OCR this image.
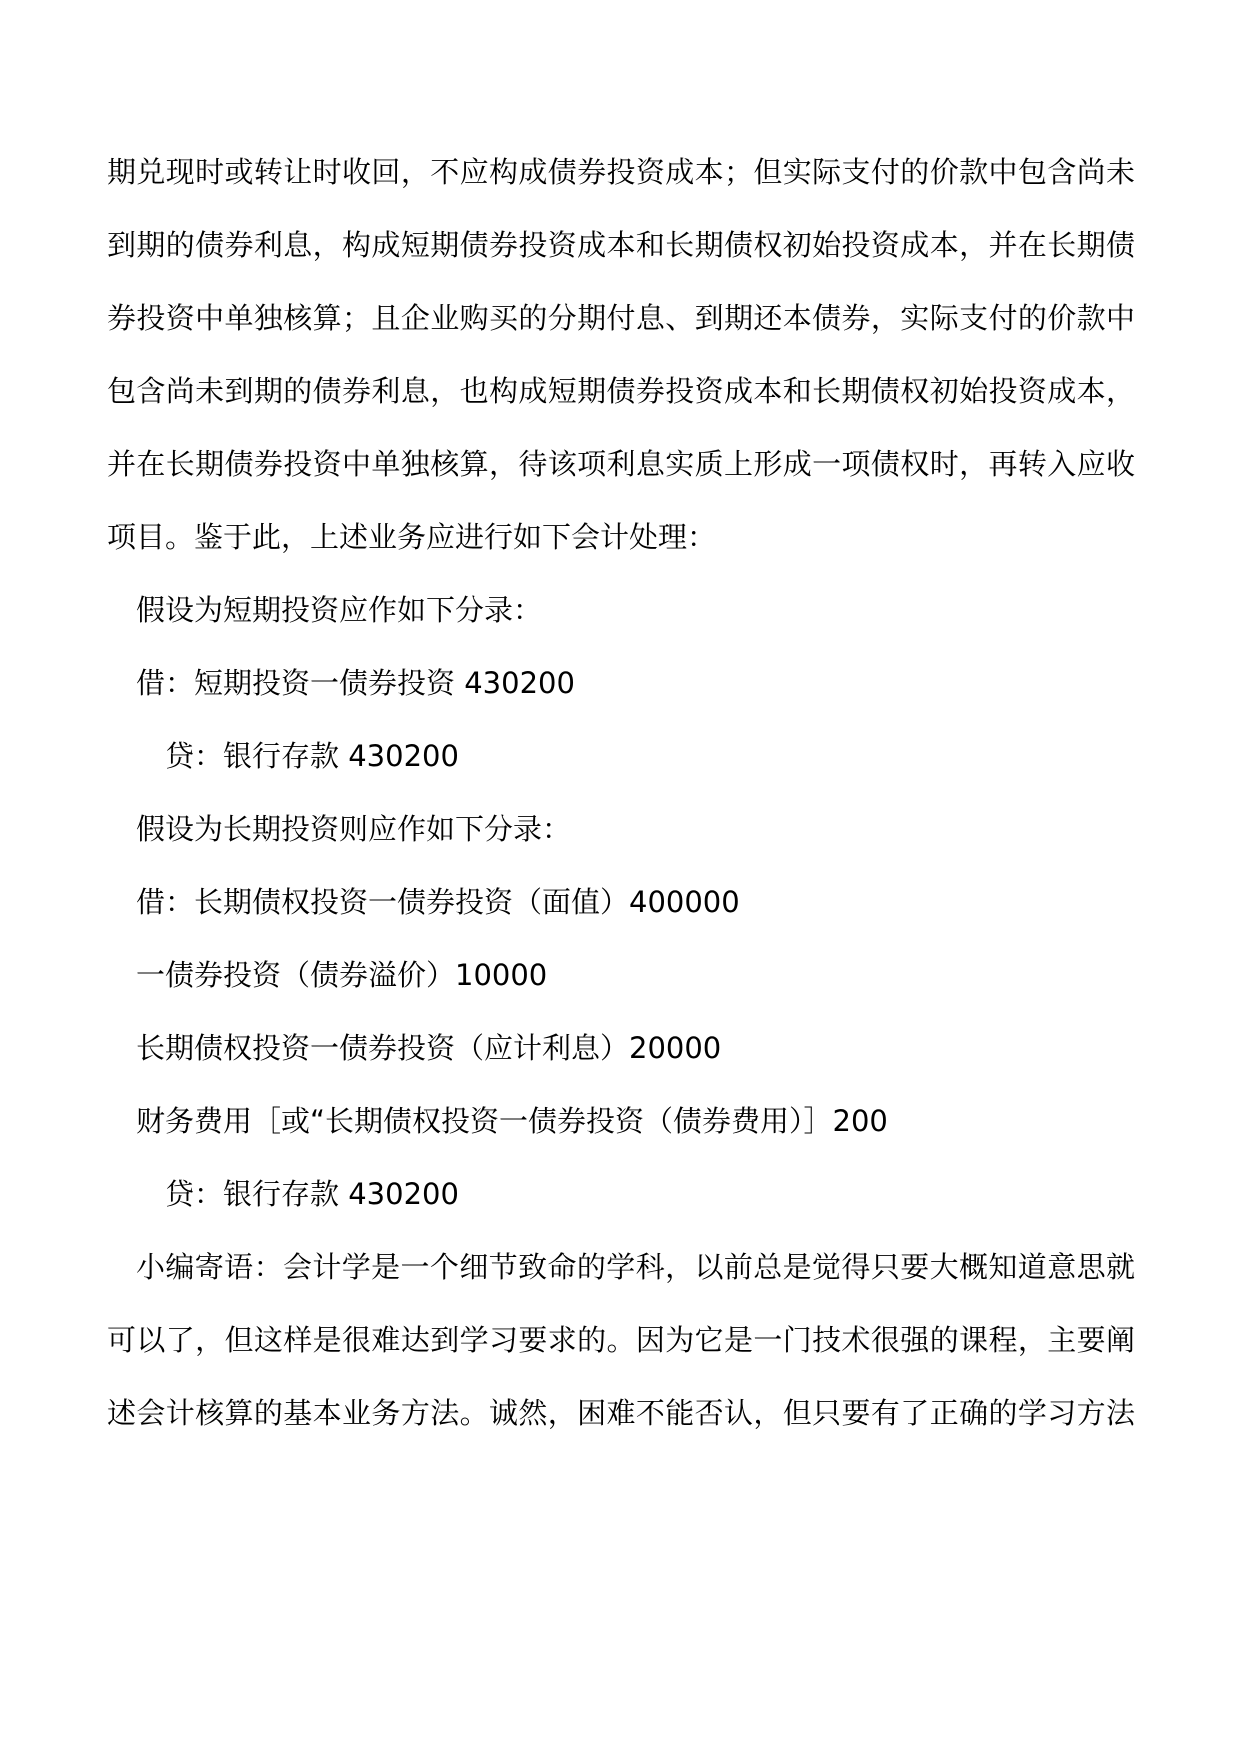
期兑现时或转让时收回，不应构成债券投资成本；但实际支付的价款中包含尚未
到期的债券利息，构成短期债券投资成本和长期债权初始投资成本，并在长期债
券投资中单独核算；且企业购买的分期付息、到期还本债券，实际支付的价款中
包含尚未到期的债券利息，也构成短期债券投资成本和长期债权初始投资成本，
并在长期债券投资中单独核算，待该项利息实质上形成一项债权时，再转入应收
项目。鉴于此，上述业务应进行如下会计处理：
假设为短期投资应作如下分录：
借：短期投资一债券投资 430200
贷：银行存款 430200
假设为长期投资则应作如下分录：
借：长期债权投资一债券投资（面值）400000
一债券投资（债券溢价）10000
长期债权投资一债券投资（应计利息）20000
财务费用［或“长期债权投资一债券投资（债券费用）］200
贷：银行存款 430200
小编寄语：会计学是一个细节致命的学科，以前总是觉得只要大概知道意思就
可以了，但这样是很难达到学习要求的。因为它是一门技术很强的课程，主要阐
述会计核算的基本业务方法。诚然，困难不能否认，但只要有了正确的学习方法
